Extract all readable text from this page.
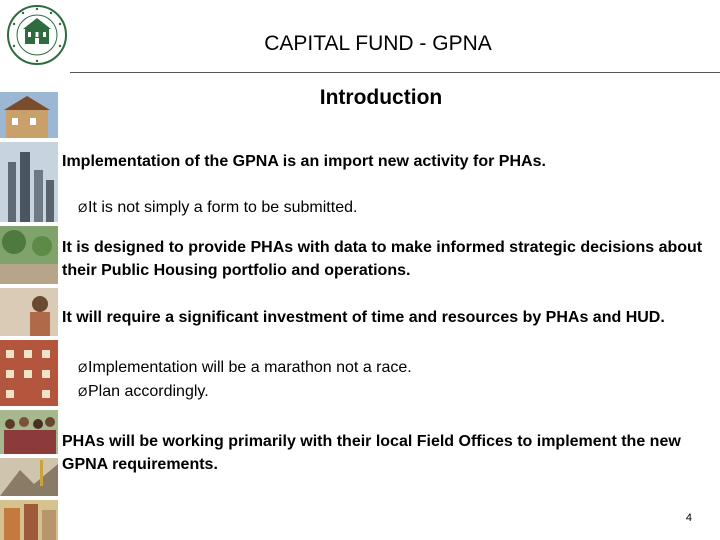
CAPITAL FUND - GPNA
Introduction

Implementation of the GPNA is an import new activity for PHAs.

ØIt is not simply a form to be submitted.

It is designed to provide PHAs with data to make informed strategic decisions about their Public Housing portfolio and operations.

It will require a significant investment of time and resources by PHAs and HUD.

ØImplementation will be a marathon not a race.

ØPlan accordingly.

PHAs will be working primarily with their local Field Offices to implement the new GPNA requirements.

4
